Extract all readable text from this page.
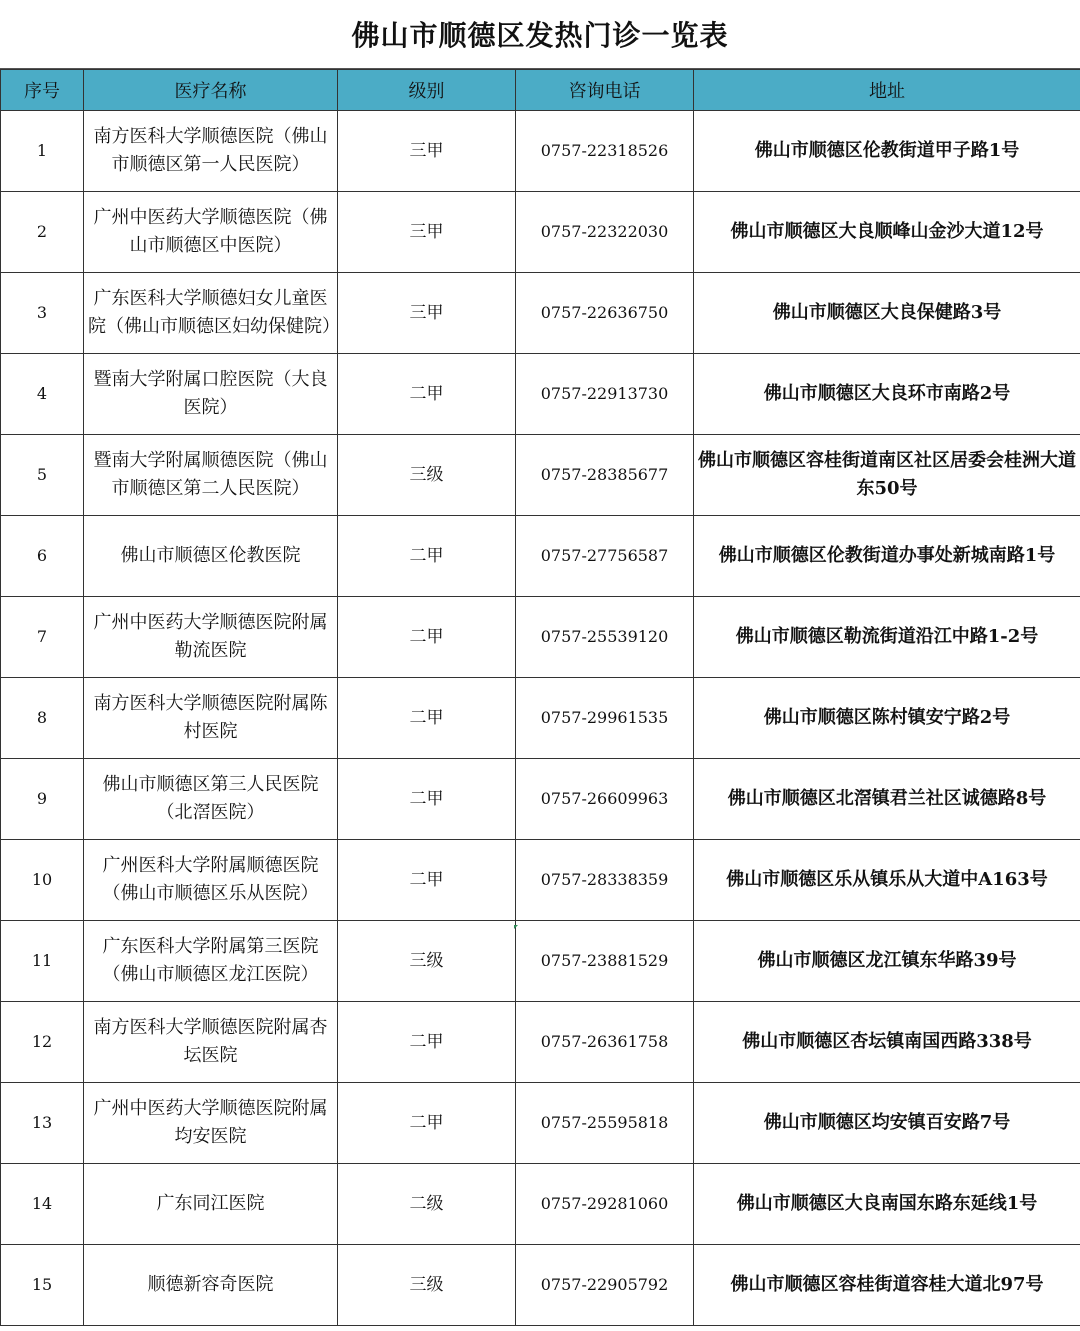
佛山市顺德区发热门诊一览表
序号	医疗名称	级别	咨询电话	地址
1	南方医科大学顺德医院（佛山市顺德区第一人民医院）	三甲	0757-22318526	佛山市顺德区伦教街道甲子路1号
2	广州中医药大学顺德医院（佛山市顺德区中医院）	三甲	0757-22322030	佛山市顺德区大良顺峰山金沙大道12号
3	广东医科大学顺德妇女儿童医院（佛山市顺德区妇幼保健院）	三甲	0757-22636750	佛山市顺德区大良保健路3号
4	暨南大学附属口腔医院（大良医院）	二甲	0757-22913730	佛山市顺德区大良环市南路2号
5	暨南大学附属顺德医院（佛山市顺德区第二人民医院）	三级	0757-28385677	佛山市顺德区容桂街道南区社区居委会桂洲大道东50号
6	佛山市顺德区伦教医院	二甲	0757-27756587	佛山市顺德区伦教街道办事处新城南路1号
7	广州中医药大学顺德医院附属勒流医院	二甲	0757-25539120	佛山市顺德区勒流街道沿江中路1-2号
8	南方医科大学顺德医院附属陈村医院	二甲	0757-29961535	佛山市顺德区陈村镇安宁路2号
9	佛山市顺德区第三人民医院（北滘医院）	二甲	0757-26609963	佛山市顺德区北滘镇君兰社区诚德路8号
10	广州医科大学附属顺德医院（佛山市顺德区乐从医院）	二甲	0757-28338359	佛山市顺德区乐从镇乐从大道中A163号
11	广东医科大学附属第三医院（佛山市顺德区龙江医院）	三级	0757-23881529	佛山市顺德区龙江镇东华路39号
12	南方医科大学顺德医院附属杏坛医院	二甲	0757-26361758	佛山市顺德区杏坛镇南国西路338号
13	广州中医药大学顺德医院附属均安医院	二甲	0757-25595818	佛山市顺德区均安镇百安路7号
14	广东同江医院	二级	0757-29281060	佛山市顺德区大良南国东路东延线1号
15	顺德新容奇医院	三级	0757-22905792	佛山市顺德区容桂街道容桂大道北97号
